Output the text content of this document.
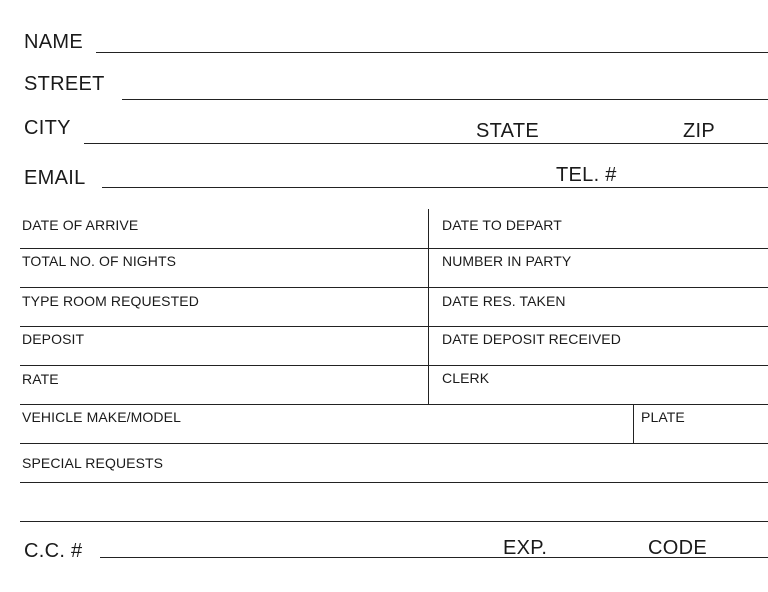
NAME
STREET
CITY	STATE	ZIP
EMAIL	TEL. #
DATE OF ARRIVE	DATE TO DEPART
TOTAL NO. OF NIGHTS	NUMBER IN PARTY
TYPE ROOM REQUESTED	DATE RES. TAKEN
DEPOSIT	DATE DEPOSIT RECEIVED
RATE	CLERK
VEHICLE MAKE/MODEL	PLATE
SPECIAL REQUESTS
C.C. #	EXP.	CODE
